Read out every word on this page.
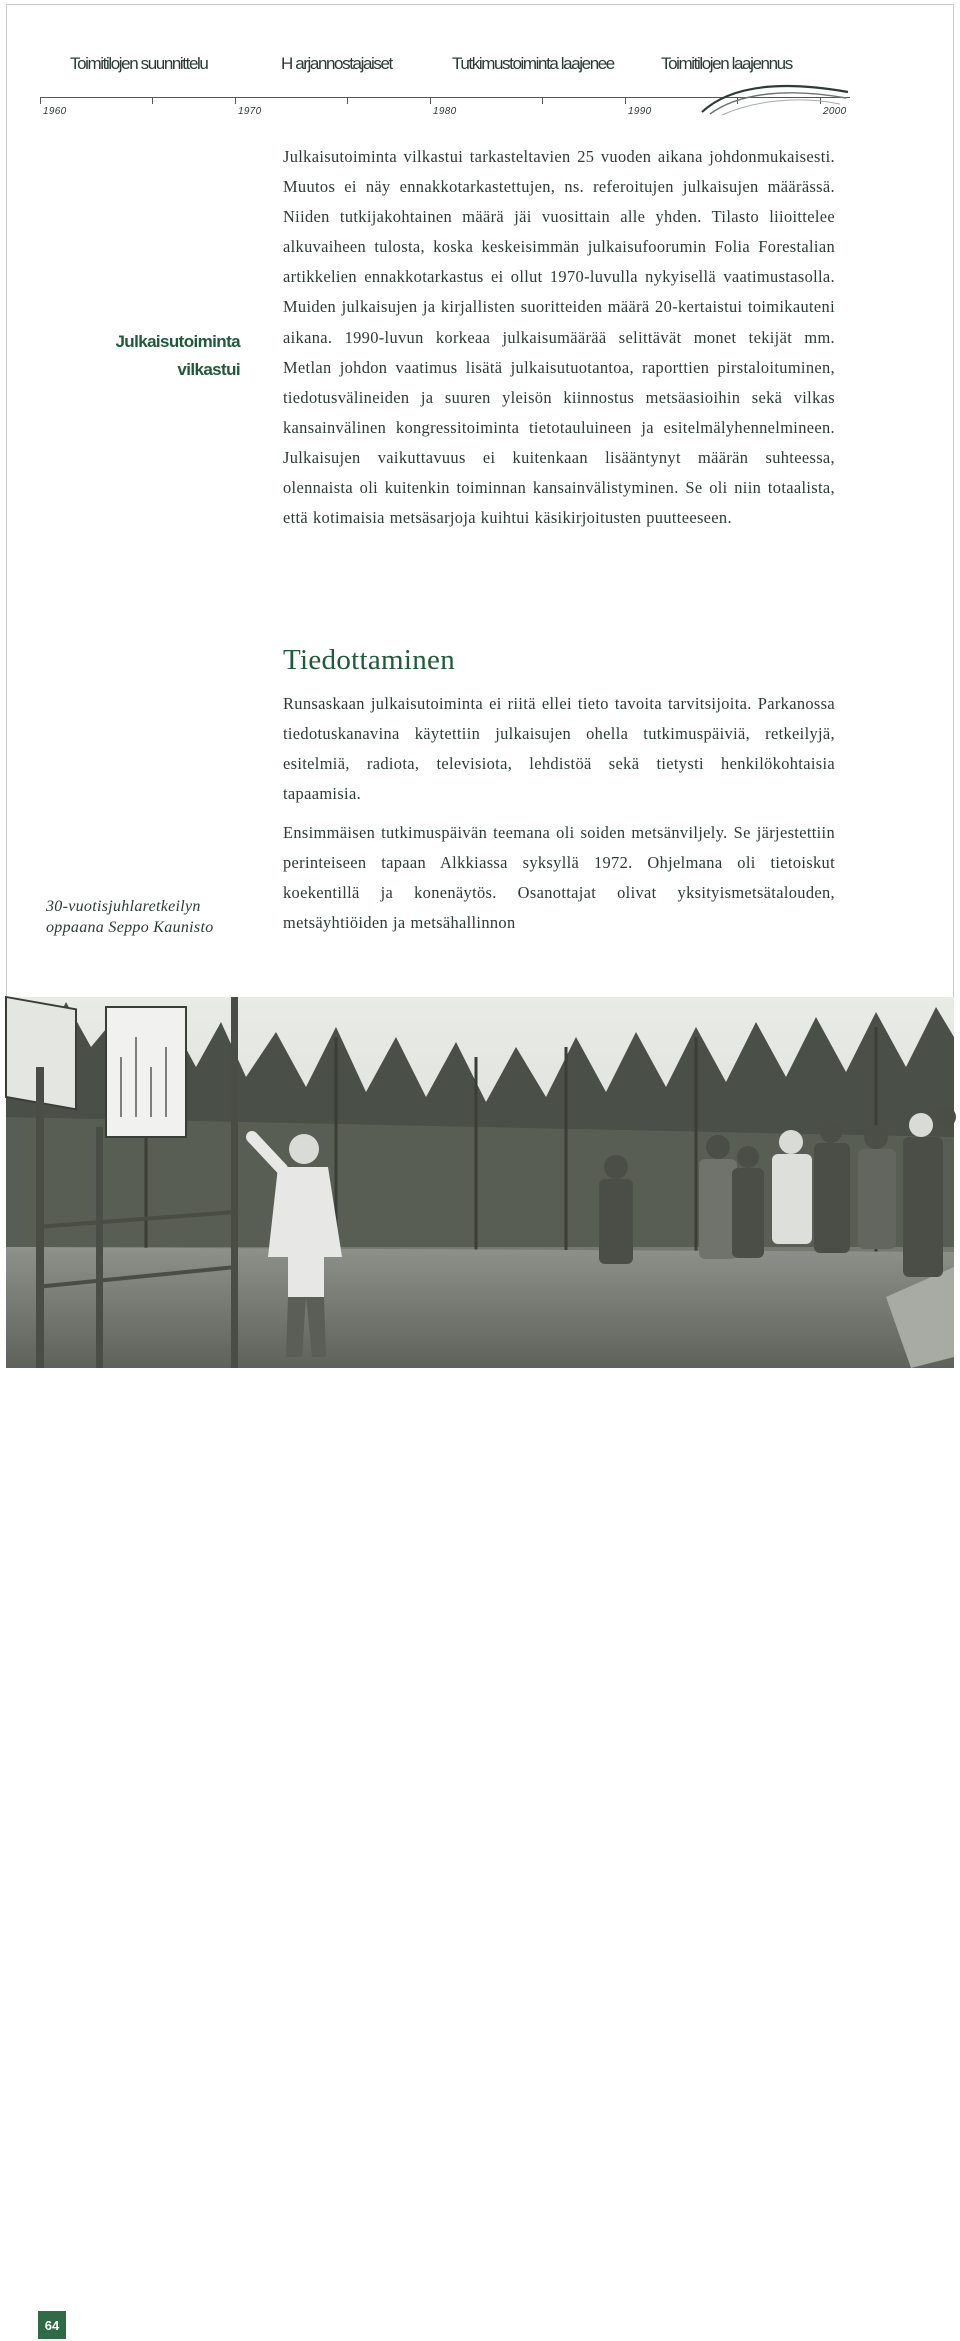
Toimitilojen suunnittelu	H arjannostajaiset	Tutkimustoiminta laajenee	Toimitilojen laajennus
1960	1970	1980	1990	2000
Julkaisutoiminta
vilkastui
30-vuotisjuhlaretkeilyn
oppaana Seppo Kaunisto

Julkaisutoiminta vilkastui tarkasteltavien 25 vuoden aikana johdonmukaisesti. Muutos ei näy ennakkotarkastettujen, ns. referoitujen julkaisujen määrässä. Niiden tutkijakohtainen määrä jäi vuosittain alle yhden. Tilasto liioittelee alkuvaiheen tulosta, koska keskeisimmän julkaisufoorumin Folia Forestalian artikkelien ennakkotarkastus ei ollut 1970-luvulla nykyisellä vaatimustasolla. Muiden julkaisujen ja kirjallisten suoritteiden määrä 20-kertaistui toimikauteni aikana. 1990-luvun korkeaa julkaisumäärää selittävät monet tekijät mm. Metlan johdon vaatimus lisätä julkaisutuotantoa, raporttien pirstaloituminen, tiedotusvälineiden ja suuren yleisön kiinnostus metsäasioihin sekä vilkas kansainvälinen kongressitoiminta tietotauluineen ja esitelmälyhennelmineen. Julkaisujen vaikuttavuus ei kuitenkaan lisääntynyt määrän suhteessa, olennaista oli kuitenkin toiminnan kansainvälistyminen. Se oli niin totaalista, että kotimaisia metsäsarjoja kuihtui käsikirjoitusten puutteeseen.

Tiedottaminen

Runsaskaan julkaisutoiminta ei riitä ellei tieto tavoita tarvitsijoita. Parkanossa tiedotuskanavina käytettiin julkaisujen ohella tutkimuspäiviä, retkeilyjä, esitelmiä, radiota, televisiota, lehdistöä sekä tietysti henkilökohtaisia tapaamisia.

Ensimmäisen tutkimuspäivän teemana oli soiden metsänviljely. Se järjestettiin perinteiseen tapaan Alkkiassa syksyllä 1972. Ohjelmana oli tietoiskut koekentillä ja konenäytös. Osanottajat olivat yksityismetsätalouden, metsäyhtiöiden ja metsähallinnon

64
